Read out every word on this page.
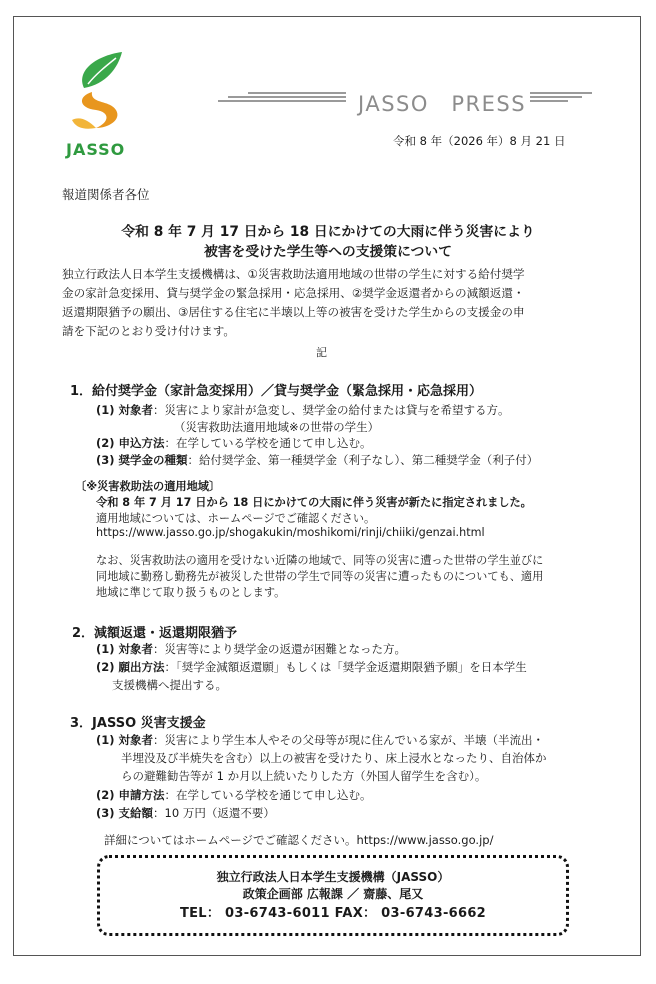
JASSO
JASSO　PRESS
令和 8 年（2026 年）8 月 21 日
報道関係者各位
令和 8 年 7 月 17 日から 18 日にかけての大雨に伴う災害により
被害を受けた学生等への支援策について
独立行政法人日本学生支援機構は、①災害救助法適用地域の世帯の学生に対する給付奨学
金の家計急変採用、貸与奨学金の緊急採用・応急採用、②奨学金返還者からの減額返還・
返還期限猶予の願出、③居住する住宅に半壊以上等の被害を受けた学生からの支援金の申
請を下記のとおり受け付けます。
記
1．給付奨学金（家計急変採用）／貸与奨学金（緊急採用・応急採用）
(1) 対象者：災害により家計が急変し、奨学金の給付または貸与を希望する方。
（災害救助法適用地域※の世帯の学生）
(2) 申込方法：在学している学校を通じて申し込む。
(3) 奨学金の種類：給付奨学金、第一種奨学金（利子なし）、第二種奨学金（利子付）
〔※災害救助法の適用地域〕
令和 8 年 7 月 17 日から 18 日にかけての大雨に伴う災害が新たに指定されました。
適用地域については、ホームページでご確認ください。
https://www.jasso.go.jp/shogakukin/moshikomi/rinji/chiiki/genzai.html
なお、災害救助法の適用を受けない近隣の地域で、同等の災害に遭った世帯の学生並びに
同地域に勤務し勤務先が被災した世帯の学生で同等の災害に遭ったものについても、適用
地域に準じて取り扱うものとします。
2．減額返還・返還期限猶予
(1) 対象者：災害等により奨学金の返還が困難となった方。
(2) 願出方法：「奨学金減額返還願」もしくは「奨学金返還期限猶予願」を日本学生
支援機構へ提出する。
3．JASSO 災害支援金
(1) 対象者：災害により学生本人やその父母等が現に住んでいる家が、半壊（半流出・
半埋没及び半焼失を含む）以上の被害を受けたり、床上浸水となったり、自治体か
らの避難勧告等が 1 か月以上続いたりした方（外国人留学生を含む）。
(2) 申請方法：在学している学校を通じて申し込む。
(3) 支給額：10 万円（返還不要）
詳細についてはホームページでご確認ください。https://www.jasso.go.jp/
独立行政法人日本学生支援機構（JASSO）
政策企画部 広報課 ／ 齋藤、尾又
TEL： 03-6743-6011 FAX： 03-6743-6662
